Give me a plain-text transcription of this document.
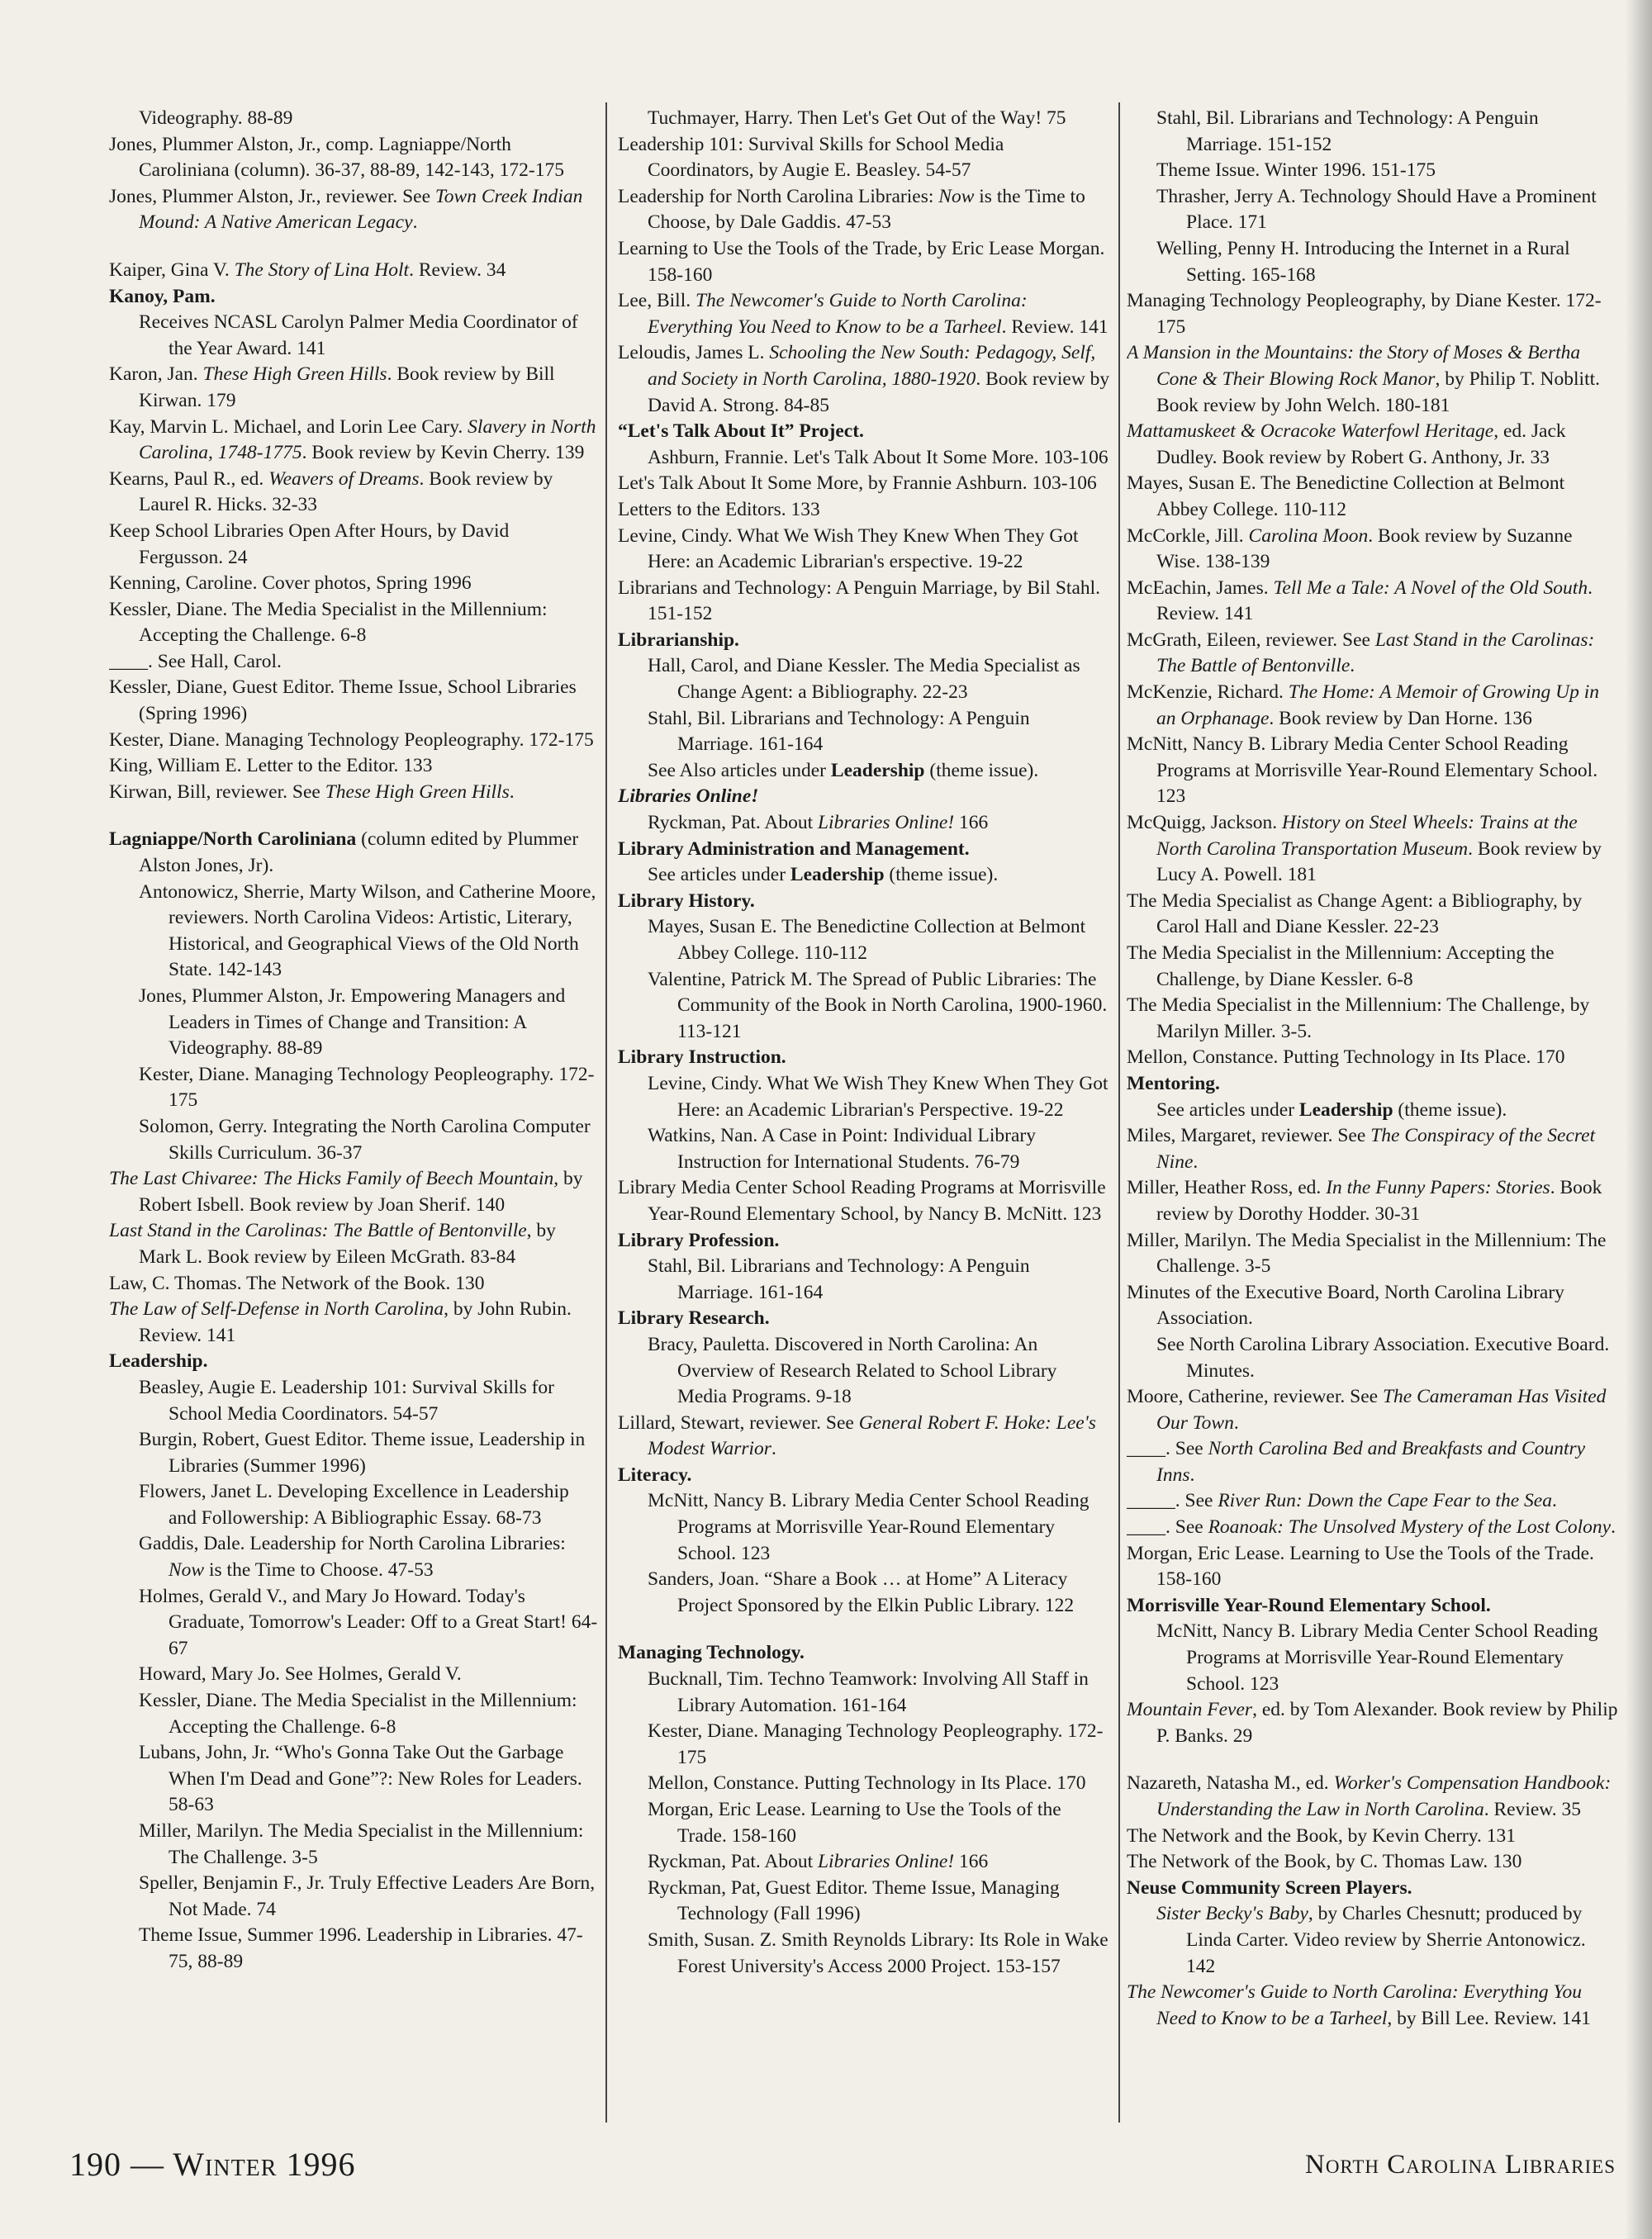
Videography. 88-89
Jones, Plummer Alston, Jr., comp. Lagniappe/North Caroliniana (column). 36-37, 88-89, 142-143, 172-175
Jones, Plummer Alston, Jr., reviewer. See Town Creek Indian Mound: A Native American Legacy.
Kaiper, Gina V. The Story of Lina Holt. Review. 34
Kanoy, Pam.
Receives NCASL Carolyn Palmer Media Coordinator of the Year Award. 141
Karon, Jan. These High Green Hills. Book review by Bill Kirwan. 179
Kay, Marvin L. Michael, and Lorin Lee Cary. Slavery in North Carolina, 1748-1775. Book review by Kevin Cherry. 139
Kearns, Paul R., ed. Weavers of Dreams. Book review by Laurel R. Hicks. 32-33
Keep School Libraries Open After Hours, by David Fergusson. 24
Kenning, Caroline. Cover photos, Spring 1996
Kessler, Diane. The Media Specialist in the Millennium: Accepting the Challenge. 6-8
____. See Hall, Carol.
Kessler, Diane, Guest Editor. Theme Issue, School Libraries (Spring 1996)
Kester, Diane. Managing Technology Peopleography. 172-175
King, William E. Letter to the Editor. 133
Kirwan, Bill, reviewer. See These High Green Hills.
Lagniappe/North Caroliniana (column edited by Plummer Alston Jones, Jr).
Antonowicz, Sherrie, Marty Wilson, and Catherine Moore, reviewers. North Carolina Videos: Artistic, Literary, Historical, and Geographical Views of the Old North State. 142-143
Jones, Plummer Alston, Jr. Empowering Managers and Leaders in Times of Change and Transition: A Videography. 88-89
Kester, Diane. Managing Technology Peopleography. 172-175
Solomon, Gerry. Integrating the North Carolina Computer Skills Curriculum. 36-37
The Last Chivaree: The Hicks Family of Beech Mountain, by Robert Isbell. Book review by Joan Sherif. 140
Last Stand in the Carolinas: The Battle of Bentonville, by Mark L. Book review by Eileen McGrath. 83-84
Law, C. Thomas. The Network of the Book. 130
The Law of Self-Defense in North Carolina, by John Rubin. Review. 141
Leadership.
Beasley, Augie E. Leadership 101: Survival Skills for School Media Coordinators. 54-57
Burgin, Robert, Guest Editor. Theme issue, Leadership in Libraries (Summer 1996)
Flowers, Janet L. Developing Excellence in Leadership and Followership: A Bibliographic Essay. 68-73
Gaddis, Dale. Leadership for North Carolina Libraries: Now is the Time to Choose. 47-53
Holmes, Gerald V., and Mary Jo Howard. Today's Graduate, Tomorrow's Leader: Off to a Great Start! 64-67
Howard, Mary Jo. See Holmes, Gerald V.
Kessler, Diane. The Media Specialist in the Millennium: Accepting the Challenge. 6-8
Lubans, John, Jr. “Who's Gonna Take Out the Garbage When I'm Dead and Gone”?: New Roles for Leaders. 58-63
Miller, Marilyn. The Media Specialist in the Millennium: The Challenge. 3-5
Speller, Benjamin F., Jr. Truly Effective Leaders Are Born, Not Made. 74
Theme Issue, Summer 1996. Leadership in Libraries. 47-75, 88-89
Tuchmayer, Harry. Then Let's Get Out of the Way! 75
Leadership 101: Survival Skills for School Media Coordinators, by Augie E. Beasley. 54-57
Leadership for North Carolina Libraries: Now is the Time to Choose, by Dale Gaddis. 47-53
Learning to Use the Tools of the Trade, by Eric Lease Morgan. 158-160
Lee, Bill. The Newcomer's Guide to North Carolina: Everything You Need to Know to be a Tarheel. Review. 141
Leloudis, James L. Schooling the New South: Pedagogy, Self, and Society in North Carolina, 1880-1920. Book review by David A. Strong. 84-85
“Let's Talk About It” Project.
Ashburn, Frannie. Let's Talk About It Some More. 103-106
Let's Talk About It Some More, by Frannie Ashburn. 103-106
Letters to the Editors. 133
Levine, Cindy. What We Wish They Knew When They Got Here: an Academic Librarian's erspective. 19-22
Librarians and Technology: A Penguin Marriage, by Bil Stahl. 151-152
Librarianship.
Hall, Carol, and Diane Kessler. The Media Specialist as Change Agent: a Bibliography. 22-23
Stahl, Bil. Librarians and Technology: A Penguin Marriage. 161-164
See Also articles under Leadership (theme issue).
Libraries Online!
Ryckman, Pat. About Libraries Online! 166
Library Administration and Management.
See articles under Leadership (theme issue).
Library History.
Mayes, Susan E. The Benedictine Collection at Belmont Abbey College. 110-112
Valentine, Patrick M. The Spread of Public Libraries: The Community of the Book in North Carolina, 1900-1960. 113-121
Library Instruction.
Levine, Cindy. What We Wish They Knew When They Got Here: an Academic Librarian's Perspective. 19-22
Watkins, Nan. A Case in Point: Individual Library Instruction for International Students. 76-79
Library Media Center School Reading Programs at Morrisville Year-Round Elementary School, by Nancy B. McNitt. 123
Library Profession.
Stahl, Bil. Librarians and Technology: A Penguin Marriage. 161-164
Library Research.
Bracy, Pauletta. Discovered in North Carolina: An Overview of Research Related to School Library Media Programs. 9-18
Lillard, Stewart, reviewer. See General Robert F. Hoke: Lee's Modest Warrior.
Literacy.
McNitt, Nancy B. Library Media Center School Reading Programs at Morrisville Year-Round Elementary School. 123
Sanders, Joan. “Share a Book … at Home” A Literacy Project Sponsored by the Elkin Public Library. 122
Managing Technology.
Bucknall, Tim. Techno Teamwork: Involving All Staff in Library Automation. 161-164
Kester, Diane. Managing Technology Peopleography. 172-175
Mellon, Constance. Putting Technology in Its Place. 170
Morgan, Eric Lease. Learning to Use the Tools of the Trade. 158-160
Ryckman, Pat. About Libraries Online! 166
Ryckman, Pat, Guest Editor. Theme Issue, Managing Technology (Fall 1996)
Smith, Susan. Z. Smith Reynolds Library: Its Role in Wake Forest University's Access 2000 Project. 153-157
Stahl, Bil. Librarians and Technology: A Penguin Marriage. 151-152
Theme Issue. Winter 1996. 151-175
Thrasher, Jerry A. Technology Should Have a Prominent Place. 171
Welling, Penny H. Introducing the Internet in a Rural Setting. 165-168
Managing Technology Peopleography, by Diane Kester. 172-175
A Mansion in the Mountains: the Story of Moses & Bertha Cone & Their Blowing Rock Manor, by Philip T. Noblitt. Book review by John Welch. 180-181
Mattamuskeet & Ocracoke Waterfowl Heritage, ed. Jack Dudley. Book review by Robert G. Anthony, Jr. 33
Mayes, Susan E. The Benedictine Collection at Belmont Abbey College. 110-112
McCorkle, Jill. Carolina Moon. Book review by Suzanne Wise. 138-139
McEachin, James. Tell Me a Tale: A Novel of the Old South. Review. 141
McGrath, Eileen, reviewer. See Last Stand in the Carolinas: The Battle of Bentonville.
McKenzie, Richard. The Home: A Memoir of Growing Up in an Orphanage. Book review by Dan Horne. 136
McNitt, Nancy B. Library Media Center School Reading Programs at Morrisville Year-Round Elementary School. 123
McQuigg, Jackson. History on Steel Wheels: Trains at the North Carolina Transportation Museum. Book review by Lucy A. Powell. 181
The Media Specialist as Change Agent: a Bibliography, by Carol Hall and Diane Kessler. 22-23
The Media Specialist in the Millennium: Accepting the Challenge, by Diane Kessler. 6-8
The Media Specialist in the Millennium: The Challenge, by Marilyn Miller. 3-5.
Mellon, Constance. Putting Technology in Its Place. 170
Mentoring.
See articles under Leadership (theme issue).
Miles, Margaret, reviewer. See The Conspiracy of the Secret Nine.
Miller, Heather Ross, ed. In the Funny Papers: Stories. Book review by Dorothy Hodder. 30-31
Miller, Marilyn. The Media Specialist in the Millennium: The Challenge. 3-5
Minutes of the Executive Board, North Carolina Library Association.
See North Carolina Library Association. Executive Board. Minutes.
Moore, Catherine, reviewer. See The Cameraman Has Visited Our Town.
____. See North Carolina Bed and Breakfasts and Country Inns.
_____. See River Run: Down the Cape Fear to the Sea.
____. See Roanoak: The Unsolved Mystery of the Lost Colony.
Morgan, Eric Lease. Learning to Use the Tools of the Trade. 158-160
Morrisville Year-Round Elementary School.
McNitt, Nancy B. Library Media Center School Reading Programs at Morrisville Year-Round Elementary School. 123
Mountain Fever, ed. by Tom Alexander. Book review by Philip P. Banks. 29
Nazareth, Natasha M., ed. Worker's Compensation Handbook: Understanding the Law in North Carolina. Review. 35
The Network and the Book, by Kevin Cherry. 131
The Network of the Book, by C. Thomas Law. 130
Neuse Community Screen Players.
Sister Becky's Baby, by Charles Chesnutt; produced by Linda Carter. Video review by Sherrie Antonowicz. 142
The Newcomer's Guide to North Carolina: Everything You Need to Know to be a Tarheel, by Bill Lee. Review. 141
190 — Winter 1996	North Carolina Libraries
